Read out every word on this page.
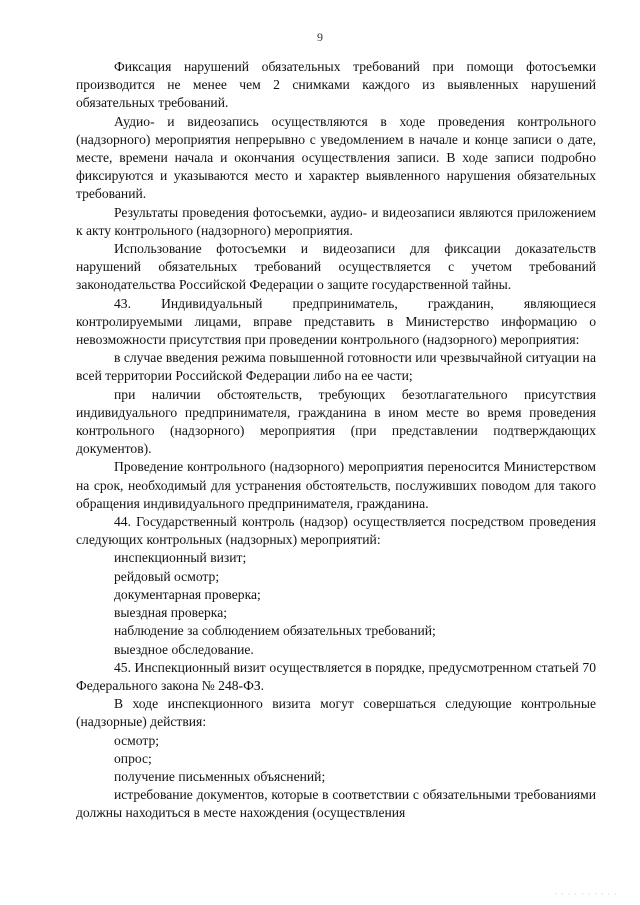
9

Фиксация нарушений обязательных требований при помощи фотосъемки производится не менее чем 2 снимками каждого из выявленных нарушений обязательных требований.

Аудио- и видеозапись осуществляются в ходе проведения контрольного (надзорного) мероприятия непрерывно с уведомлением в начале и конце записи о дате, месте, времени начала и окончания осуществления записи. В ходе записи подробно фиксируются и указываются место и характер выявленного нарушения обязательных требований.

Результаты проведения фотосъемки, аудио- и видеозаписи являются приложением к акту контрольного (надзорного) мероприятия.

Использование фотосъемки и видеозаписи для фиксации доказательств нарушений обязательных требований осуществляется с учетом требований законодательства Российской Федерации о защите государственной тайны.

43. Индивидуальный предприниматель, гражданин, являющиеся контролируемыми лицами, вправе представить в Министерство информацию о невозможности присутствия при проведении контрольного (надзорного) мероприятия:

в случае введения режима повышенной готовности или чрезвычайной ситуации на всей территории Российской Федерации либо на ее части;

при наличии обстоятельств, требующих безотлагательного присутствия индивидуального предпринимателя, гражданина в ином месте во время проведения контрольного (надзорного) мероприятия (при представлении подтверждающих документов).

Проведение контрольного (надзорного) мероприятия переносится Министерством на срок, необходимый для устранения обстоятельств, послуживших поводом для такого обращения индивидуального предпринимателя, гражданина.

44. Государственный контроль (надзор) осуществляется посредством проведения следующих контрольных (надзорных) мероприятий:

инспекционный визит;

рейдовый осмотр;

документарная проверка;

выездная проверка;

наблюдение за соблюдением обязательных требований;

выездное обследование.

45. Инспекционный визит осуществляется в порядке, предусмотренном статьей 70 Федерального закона № 248-ФЗ.

В ходе инспекционного визита могут совершаться следующие контрольные (надзорные) действия:

осмотр;

опрос;

получение письменных объяснений;

истребование документов, которые в соответствии с обязательными требованиями должны находиться в месте нахождения (осуществления

· · · · · · · · · ·
